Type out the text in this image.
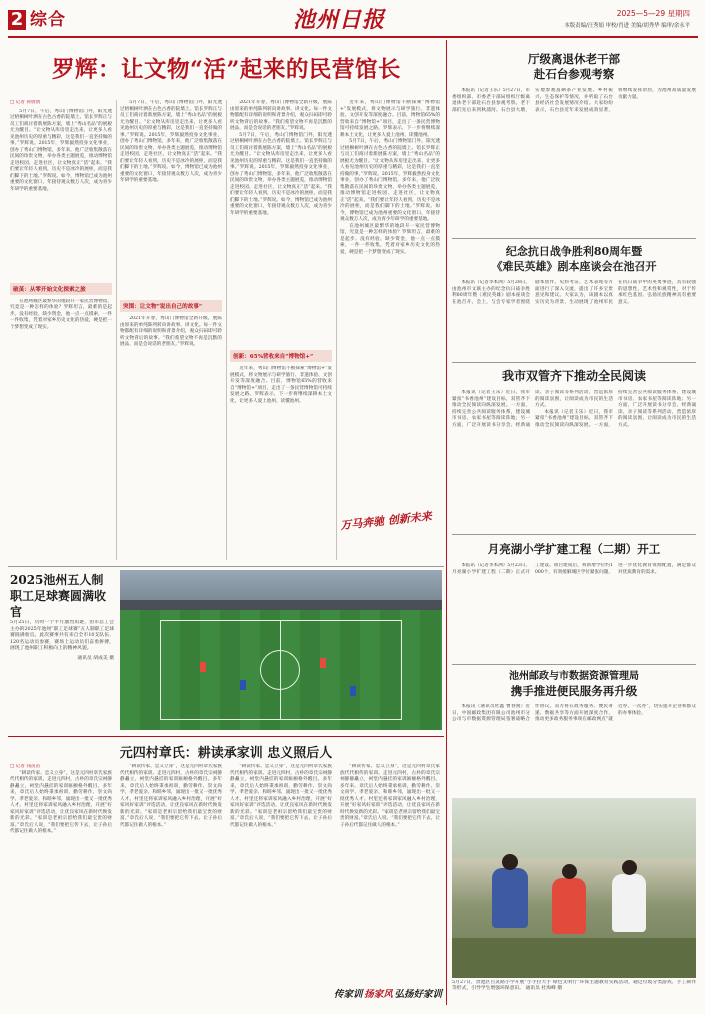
2 综合	池州日报	2025—5—29 星期四
本版责编/汪秀娟 审校/肖进 美编/胡秀华 编审/余永平
罗辉：让文物“活”起来的民营馆长
□ 记者 孙倩倩

5月7日，午后，秀山门博物馆门外，阳光透过梧桐树叶洒在古色古香的院墙上。馆长罗辉正与员工们商讨着新展陈方案，墙上“秀山名品”的展板尤为醒目。“让文物从库房里走出来，让更多人看见池州历史的厚重与精彩，这是我们一直坚持做的事。”罗辉说。2015年，罗辉毅然投身文化事业，创办了秀山门博物馆，多年来，他广泛收集散落在民间的珍贵文物，举办各类主题展览，推动博物馆走进校园、走进社区，让文物真正“活”起来。“我们要让年轻人看到，历史不是冰冷的展柜，而是我们脚下的土地。”罗辉说。如今，博物馆已成为池州重要的文化窗口，年接待观众数万人次，成为青少年研学的重要基地。

破茧：从零开始文化探索之旅

在池州城区最繁华的地段开一家民营博物馆，究竟是一种怎样的体验？罗辉坦言，最难的是起步。没有经验、缺少资金，他一点一点摸索，一件一件收集，凭着对家乡历史文化的热爱，硬是把一个梦想变成了现实。

5月7日，午后，秀山门博物馆门外，阳光透过梧桐树叶洒在古色古香的院墙上。馆长罗辉正与员工们商讨着新展陈方案，墙上“秀山名品”的展板尤为醒目。“让文物从库房里走出来，让更多人看见池州历史的厚重与精彩，这是我们一直坚持做的事。”罗辉说。2015年，罗辉毅然投身文化事业，创办了秀山门博物馆，多年来，他广泛收集散落在民间的珍贵文物，举办各类主题展览，推动博物馆走进校园、走进社区，让文物真正“活”起来。“我们要让年轻人看到，历史不是冰冷的展柜，而是我们脚下的土地。”罗辉说。如今，博物馆已成为池州重要的文化窗口，年接待观众数万人次，成为青少年研学的重要基地。

突围：让文物“说出自己的故事”

2021年开春，秀山门博物馆全新升级，展陈由原来的单纯陈列转向讲故事、讲文化。每一件文物都配有详细的说明和背景介绍，观众扫码即可聆听文物背后的故事。“我们希望文物不再是沉默的展品，而是会说话的老朋友。”罗辉说。

2021年开春，秀山门博物馆全新升级，展陈由原来的单纯陈列转向讲故事、讲文化。每一件文物都配有详细的说明和背景介绍，观众扫码即可聆听文物背后的故事。“我们希望文物不再是沉默的展品，而是会说话的老朋友。”罗辉说。

5月7日，午后，秀山门博物馆门外，阳光透过梧桐树叶洒在古色古香的院墙上。馆长罗辉正与员工们商讨着新展陈方案，墙上“秀山名品”的展板尤为醒目。“让文物从库房里走出来，让更多人看见池州历史的厚重与精彩，这是我们一直坚持做的事。”罗辉说。2015年，罗辉毅然投身文化事业，创办了秀山门博物馆，多年来，他广泛收集散落在民间的珍贵文物，举办各类主题展览，推动博物馆走进校园、走进社区，让文物真正“活”起来。“我们要让年轻人看到，历史不是冰冷的展柜，而是我们脚下的土地。”罗辉说。如今，博物馆已成为池州重要的文化窗口，年接待观众数万人次，成为青少年研学的重要基地。

创新：65%营收来自“博物馆+”

近年来，秀山门博物馆不断探索“博物馆+”发展模式，将文物展示与研学旅行、非遗体验、文创开发等深度融合。目前，博物馆65%的营收来自“博物馆+”项目，走出了一条民营博物馆可持续发展之路。罗辉表示，下一步将继续深耕本土文化，让更多人爱上池州、读懂池州。

近年来，秀山门博物馆不断探索“博物馆+”发展模式，将文物展示与研学旅行、非遗体验、文创开发等深度融合。目前，博物馆65%的营收来自“博物馆+”项目，走出了一条民营博物馆可持续发展之路。罗辉表示，下一步将继续深耕本土文化，让更多人爱上池州、读懂池州。

5月7日，午后，秀山门博物馆门外，阳光透过梧桐树叶洒在古色古香的院墙上。馆长罗辉正与员工们商讨着新展陈方案，墙上“秀山名品”的展板尤为醒目。“让文物从库房里走出来，让更多人看见池州历史的厚重与精彩，这是我们一直坚持做的事。”罗辉说。2015年，罗辉毅然投身文化事业，创办了秀山门博物馆，多年来，他广泛收集散落在民间的珍贵文物，举办各类主题展览，推动博物馆走进校园、走进社区，让文物真正“活”起来。“我们要让年轻人看到，历史不是冰冷的展柜，而是我们脚下的土地。”罗辉说。如今，博物馆已成为池州重要的文化窗口，年接待观众数万人次，成为青少年研学的重要基地。

在池州城区最繁华的地段开一家民营博物馆，究竟是一种怎样的体验？罗辉坦言，最难的是起步。没有经验、缺少资金，他一点一点摸索，一件一件收集，凭着对家乡历史文化的热爱，硬是把一个梦想变成了现实。

万马奔驰 创新未来
厅级离退休老干部
赴石台参观考察

本报讯（记者王乐）5月27日，市委组织部、市委老干部局组织厅级离退休老干部赴石台县参观考察。老干部们先后来到秋浦河、石台县大塘，实地参观富硒茶产业发展、乡村振兴、生态保护等情况，并听取了石台县经济社会发展情况介绍。大家纷纷表示，石台县近年来发展成效显著，将继续发挥余热，为池州高质量发展贡献力量。

纪念抗日战争胜利80周年暨
《难民英雄》剧本座谈会在池召开

本报讯（记者李本洲）5月28日，由池州市文联主办的纪念抗日战争胜利80周年暨《难民英雄》剧本座谈会在池召开。会上，与会专家学者围绕剧本创作、史料考证、艺术表现等方面进行了深入交流，提出了许多宝贵意见和建议。大家认为，该剧本以真实历史为背景，生动展现了池州军民在抗日战争中的英勇事迹，具有较强的思想性、艺术性和观赏性，对于传承红色基因、弘扬民族精神具有重要意义。

我市双管齐下推动全民阅读

本报讯（记者王乐）近日，我市紧扣“书香池州”建设目标，双管齐下推动全民阅读向纵深发展。一方面，持续完善公共阅读服务体系，建设城市书房、农家书屋等阅读阵地；另一方面，广泛开展读书分享会、经典诵读、亲子阅读等系列活动，营造浓厚的阅读氛围，让阅读成为市民的生活方式。

本报讯（记者王乐）近日，我市紧扣“书香池州”建设目标，双管齐下推动全民阅读向纵深发展。一方面，持续完善公共阅读服务体系，建设城市书房、农家书屋等阅读阵地；另一方面，广泛开展读书分享会、经典诵读、亲子阅读等系列活动，营造浓厚的阅读氛围，让阅读成为市民的生活方式。

月亮湖小学扩建工程（二期）开工

本报讯（记者李本洲）5月23日，月亮湖小学扩建工程（二期）正式开工建设。项目建成后，将新增学位约1000个，有效缓解城区学位紧张问题，进一步优化教育资源配置，满足群众对优质教育的需求。

池州邮政与市数据资源管理局
携手推进便民服务再升级

本报讯（通讯员杜鑫 曹春燕）近日，中国邮政集团有限公司池州市分公司与市数据资源管理局签署战略合作协议。双方将在政务服务、便民寄递、数据共享等方面开展深度合作，推动更多政务服务事项在邮政网点“就近办、一次办”，切实提升企业和群众的办事体验。

5月27日，贵池区百灵路小学开展“小手拉大手 绿色文明行”环保主题教育实践活动，通过垃圾分类游戏、手工制作等形式，引导学生增强环保意识。 通讯员 杜海峰 摄
2025池州五人制
职工足球赛圆满收官
5月25日，历时一个半月激烈角逐，由市总工会主办的2025年池州“职工足球赛”五人制职工足球赛圆满收官。此次赛事共有来自全市10支队伍、120名运动员参赛，赛场上运动员们奋勇拼搏，展现了池州职工积极向上的精神风貌。
通讯员 胡成美 摄
元四村章氏：耕读承家训 忠义照后人
□ 记者 钱苗苗

“耕读传家、忠义立身”，这是元四村章氏家族代代相传的家训。走进元四村，古朴的章氏宗祠静静矗立，祠堂内悬挂的家训匾额格外醒目。多年来，章氏后人始终秉承祖训，勤劳耕作、崇文尚学、孝老爱亲、和睦乡邻，涌现出一批又一批优秀人才。村里还将家训家风融入乡村治理，开展“好家风好家训”评选活动，让优良家风在新时代焕发新的光彩。“家训是老祖宗留给我们最宝贵的财富。”章氏后人说，“我们要把它传下去，让子孙后代都记住做人的根本。”

“耕读传家、忠义立身”，这是元四村章氏家族代代相传的家训。走进元四村，古朴的章氏宗祠静静矗立，祠堂内悬挂的家训匾额格外醒目。多年来，章氏后人始终秉承祖训，勤劳耕作、崇文尚学、孝老爱亲、和睦乡邻，涌现出一批又一批优秀人才。村里还将家训家风融入乡村治理，开展“好家风好家训”评选活动，让优良家风在新时代焕发新的光彩。“家训是老祖宗留给我们最宝贵的财富。”章氏后人说，“我们要把它传下去，让子孙后代都记住做人的根本。”

“耕读传家、忠义立身”，这是元四村章氏家族代代相传的家训。走进元四村，古朴的章氏宗祠静静矗立，祠堂内悬挂的家训匾额格外醒目。多年来，章氏后人始终秉承祖训，勤劳耕作、崇文尚学、孝老爱亲、和睦乡邻，涌现出一批又一批优秀人才。村里还将家训家风融入乡村治理，开展“好家风好家训”评选活动，让优良家风在新时代焕发新的光彩。“家训是老祖宗留给我们最宝贵的财富。”章氏后人说，“我们要把它传下去，让子孙后代都记住做人的根本。”

“耕读传家、忠义立身”，这是元四村章氏家族代代相传的家训。走进元四村，古朴的章氏宗祠静静矗立，祠堂内悬挂的家训匾额格外醒目。多年来，章氏后人始终秉承祖训，勤劳耕作、崇文尚学、孝老爱亲、和睦乡邻，涌现出一批又一批优秀人才。村里还将家训家风融入乡村治理，开展“好家风好家训”评选活动，让优良家风在新时代焕发新的光彩。“家训是老祖宗留给我们最宝贵的财富。”章氏后人说，“我们要把它传下去，让子孙后代都记住做人的根本。”

传家训 扬家风 弘扬好家训
